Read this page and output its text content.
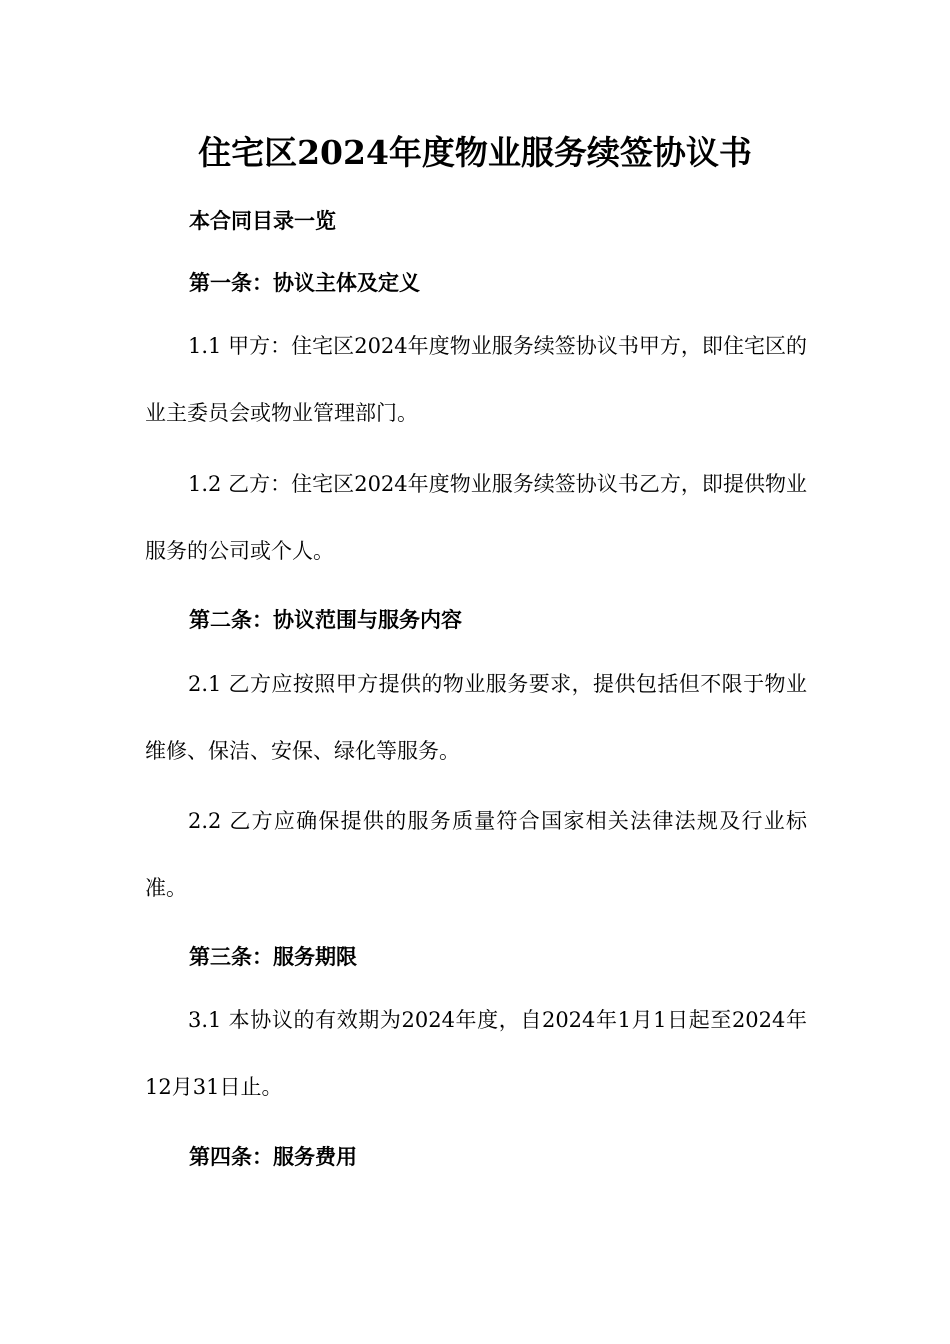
住宅区2024年度物业服务续签协议书
本合同目录一览
第一条：协议主体及定义

1.1 甲方：住宅区2024年度物业服务续签协议书甲方，即住宅区的业主委员会或物业管理部门。

1.2 乙方：住宅区2024年度物业服务续签协议书乙方，即提供物业服务的公司或个人。

第二条：协议范围与服务内容

2.1 乙方应按照甲方提供的物业服务要求，提供包括但不限于物业维修、保洁、安保、绿化等服务。

2.2 乙方应确保提供的服务质量符合国家相关法律法规及行业标准。

第三条：服务期限

3.1 本协议的有效期为2024年度，自2024年1月1日起至2024年12月31日止。

第四条：服务费用
